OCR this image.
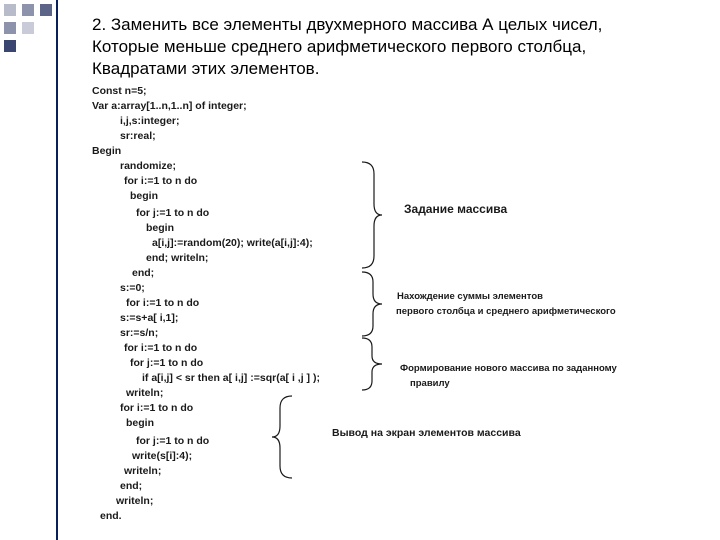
2. Заменить все элементы двухмерного массива А целых чисел,
Которые меньше среднего арифметического первого столбца,
Квадратами этих элементов.
Const n=5;
Var a:array[1..n,1..n] of integer;
i,j,s:integer;
sr:real;
Begin
randomize;
for i:=1 to n do
begin
for j:=1 to n do
begin
a[i,j]:=random(20); write(a[i,j]:4);
end; writeln;
end;
s:=0;
for i:=1 to n do
s:=s+a[ i,1];
sr:=s/n;
for i:=1 to n do
for j:=1 to n do
if a[i,j] < sr then a[ i,j] :=sqr(a[ i ,j ] );
writeln;
for i:=1 to n do
begin
for j:=1 to n do
write(s[i]:4);
writeln;
end;
writeln;
end.
Задание массива
Нахождение суммы элементов
первого столбца и среднего арифметического
Формирование нового массива по заданному
правилу
Вывод на экран элементов массива
